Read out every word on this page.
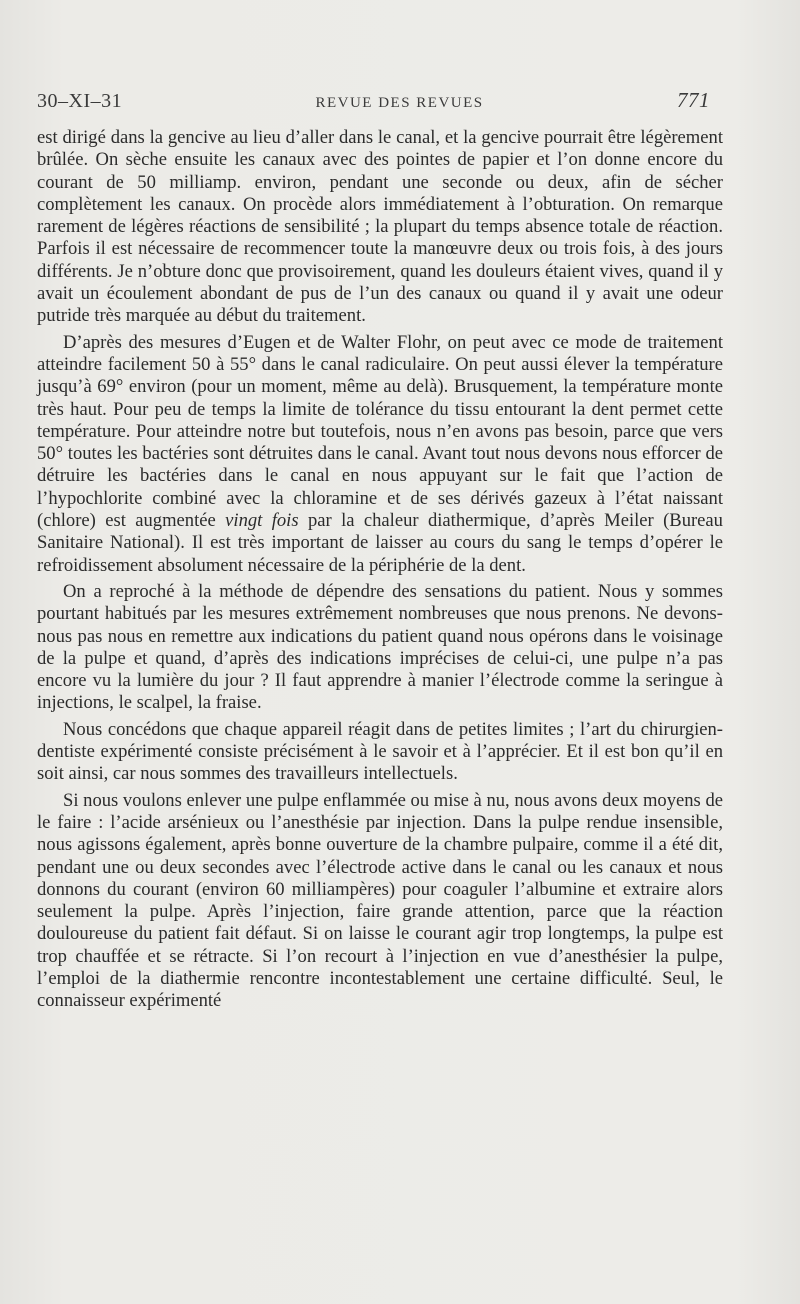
30–XI–31	REVUE DES REVUES	771

est dirigé dans la gencive au lieu d’aller dans le canal, et la gencive pourrait être légèrement brûlée. On sèche ensuite les canaux avec des pointes de papier et l’on donne encore du courant de 50 milliamp. environ, pendant une seconde ou deux, afin de sécher complètement les canaux. On procède alors immédiatement à l’obturation. On remarque rarement de légères réactions de sensibilité ; la plupart du temps absence totale de réaction. Parfois il est nécessaire de recommencer toute la manœuvre deux ou trois fois, à des jours différents. Je n’obture donc que provisoirement, quand les douleurs étaient vives, quand il y avait un écoulement abondant de pus de l’un des canaux ou quand il y avait une odeur putride très marquée au début du traitement.

D’après des mesures d’Eugen et de Walter Flohr, on peut avec ce mode de traitement atteindre facilement 50 à 55° dans le canal radiculaire. On peut aussi élever la température jusqu’à 69° environ (pour un moment, même au delà). Brusquement, la température monte très haut. Pour peu de temps la limite de tolérance du tissu entourant la dent permet cette température. Pour atteindre notre but toutefois, nous n’en avons pas besoin, parce que vers 50° toutes les bactéries sont détruites dans le canal. Avant tout nous devons nous efforcer de détruire les bactéries dans le canal en nous appuyant sur le fait que l’action de l’hypochlorite combiné avec la chloramine et de ses dérivés gazeux à l’état naissant (chlore) est augmentée vingt fois par la chaleur diathermique, d’après Meiler (Bureau Sanitaire National). Il est très important de laisser au cours du sang le temps d’opérer le refroidissement absolument nécessaire de la périphérie de la dent.

On a reproché à la méthode de dépendre des sensations du patient. Nous y sommes pourtant habitués par les mesures extrêmement nombreuses que nous prenons. Ne devons-nous pas nous en remettre aux indications du patient quand nous opérons dans le voisinage de la pulpe et quand, d’après des indications imprécises de celui-ci, une pulpe n’a pas encore vu la lumière du jour ? Il faut apprendre à manier l’électrode comme la seringue à injections, le scalpel, la fraise.

Nous concédons que chaque appareil réagit dans de petites limites ; l’art du chirurgien-dentiste expérimenté consiste précisément à le savoir et à l’apprécier. Et il est bon qu’il en soit ainsi, car nous sommes des travailleurs intellectuels.

Si nous voulons enlever une pulpe enflammée ou mise à nu, nous avons deux moyens de le faire : l’acide arsénieux ou l’anesthésie par injection. Dans la pulpe rendue insensible, nous agissons également, après bonne ouverture de la chambre pulpaire, comme il a été dit, pendant une ou deux secondes avec l’électrode active dans le canal ou les canaux et nous donnons du courant (environ 60 milliampères) pour coaguler l’albumine et extraire alors seulement la pulpe. Après l’injection, faire grande attention, parce que la réaction douloureuse du patient fait défaut. Si on laisse le courant agir trop longtemps, la pulpe est trop chauffée et se rétracte. Si l’on recourt à l’injection en vue d’anesthésier la pulpe, l’emploi de la diathermie rencontre incontestablement une certaine difficulté. Seul, le connaisseur expérimenté
